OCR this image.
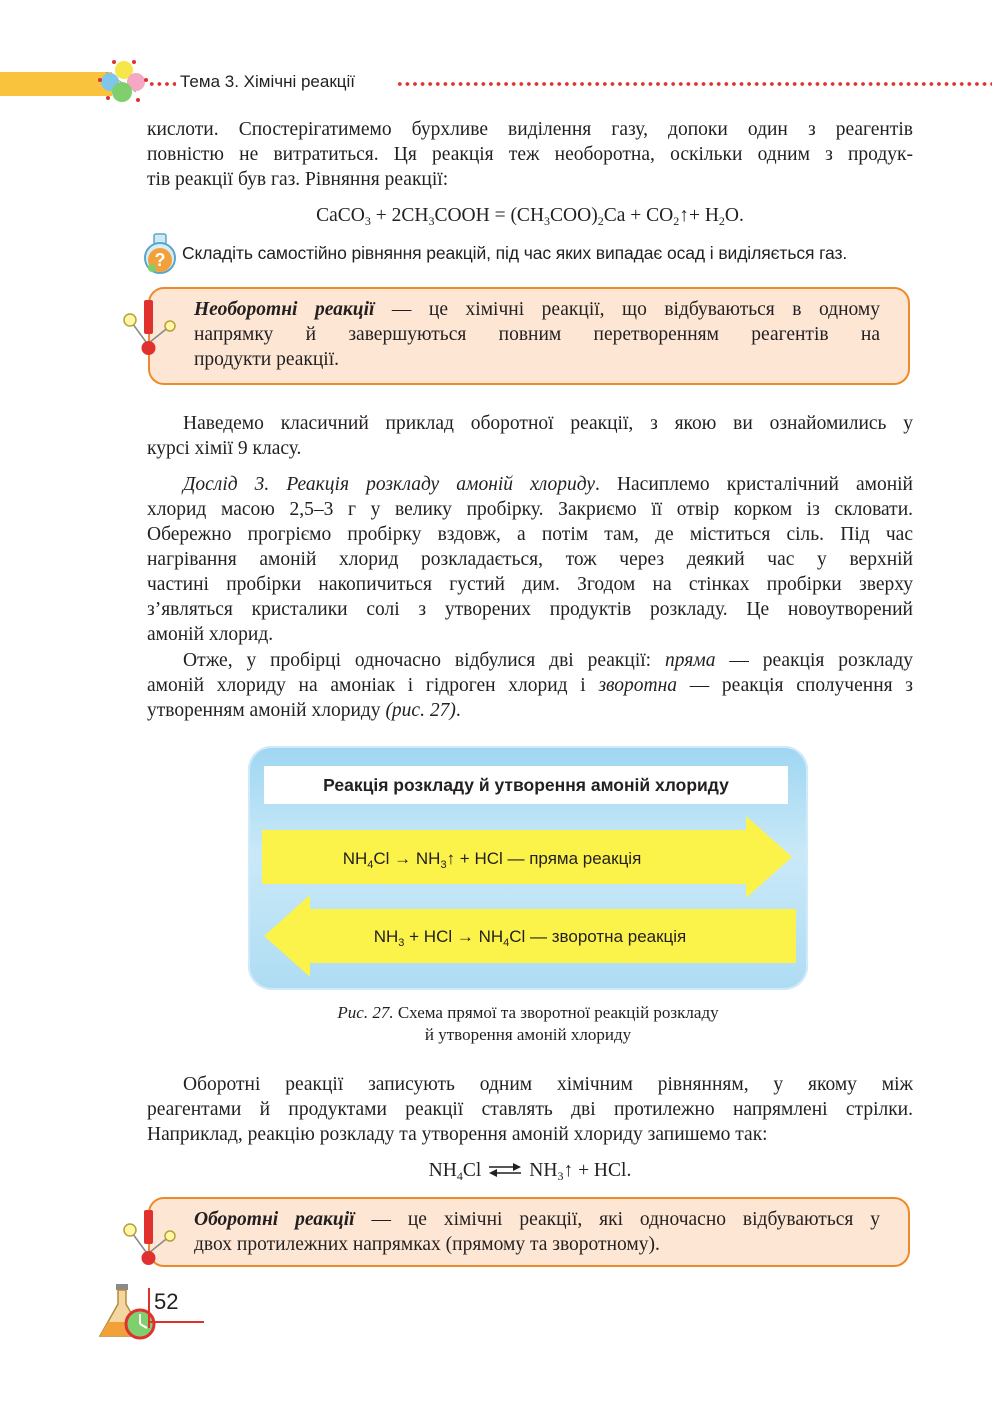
Тема 3. Хімічні реакції
кислоти. Спостерігатимемо бурхливе виділення газу, допоки один з реагентів
повністю не витратиться. Ця реакція теж необоротна, оскільки одним з продук-
тів реакції був газ. Рівняння реакції:
CaCO$_3$ + $2CH_3COOH = (CH_3COO)_2Ca$ + $CO_2↑+ H_2O$.
? Складіть самостійно рівняння реакцій, під час яких випадає осад і виділяється газ.
Необоротні реакції — це хімічні реакції, що відбуваються в одному
напрямку й завершуються повним перетворенням реагентів на
продукти реакції.
Наведемо класичний приклад оборотної реакції, з якою ви ознайомились у
курсі хімії 9 класу.
Дослід 3. Реакція розкладу амоній хлориду. Насиплемо кристалічний амоній
хлорид масою 2,5–3 г у велику пробірку. Закриємо її отвір корком із скловати.
Обережно прогріємо пробірку вздовж, а потім там, де міститься сіль. Під час
нагрівання амоній хлорид розкладається, тож через деякий час у верхній
частині пробірки накопичиться густий дим. Згодом на стінках пробірки зверху
з’являться кристалики солі з утворених продуктів розкладу. Це новоутворений
амоній хлорид.
Отже, у пробірці одночасно відбулися дві реакції: пряма — реакція розкладу
амоній хлориду на амоніак і гідроген хлорид і зворотна — реакція сполучення з
утворенням амоній хлориду (рис. 27).
Реакція розкладу й утворення амоній хлориду
$NH_4Cl$ → $NH_3↑$ + HCl — пряма реакція
$NH_3$ + HCl → $NH_4Cl$ — зворотна реакція
Рис. 27. Схема прямої та зворотної реакцій розкладу
й утворення амоній хлориду
Оборотні реакції записують одним хімічним рівнянням, у якому між
реагентами й продуктами реакції ставлять дві протилежно напрямлені стрілки.
Наприклад, реакцію розкладу та утворення амоній хлориду запишемо так:
$NH_4Cl$ ⇌ $NH_3↑$ + HCl.
Оборотні реакції — це хімічні реакції, які одночасно відбуваються у
двох протилежних напрямках (прямому та зворотному).
52
